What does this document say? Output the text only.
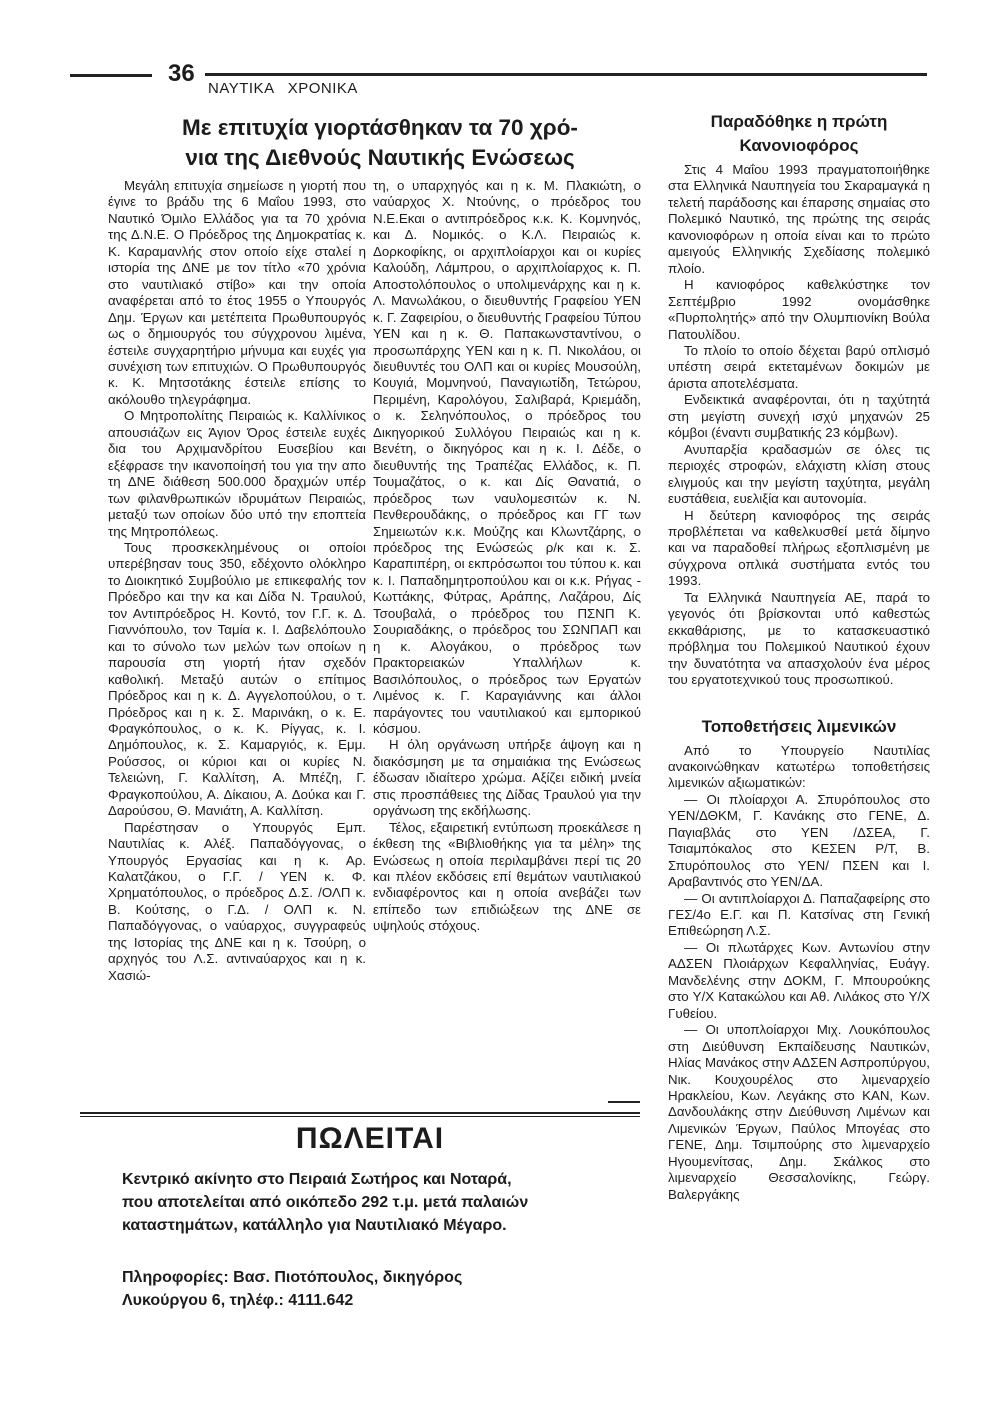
36
ΝΑΥΤΙΚΑ   ΧΡΟΝΙΚΑ
Με επιτυχία γιορτάσθηκαν τα 70 χρό-
νια της Διεθνούς Ναυτικής Ενώσεως

Μεγάλη επιτυχία σημείωσε η γιορτή που έγινε το βράδυ της 6 Μαΐου 1993, στο Ναυτικό Όμιλο Ελλάδος για τα 70 χρόνια της Δ.Ν.Ε. Ο Πρόεδρος της Δημοκρατίας κ. Κ. Καραμανλής στον οποίο είχε σταλεί η ιστορία της ΔΝΕ με τον τίτλο «70 χρόνια στο ναυτιλιακό στίβο» και την οποία αναφέρεται από το έτος 1955 ο Υπουργός Δημ. Έργων και μετέπειτα Πρωθυπουργός ως ο δημιουργός του σύγχρονου λιμένα, έστειλε συγχαρητήριο μήνυμα και ευχές για συνέχιση των επιτυχιών. Ο Πρωθυπουργός κ. Κ. Μητσοτάκης έστειλε επίσης το ακόλουθο τηλεγράφημα.

Ο Μητροπολίτης Πειραιώς κ. Καλλίνικος απουσιάζων εις Άγιον Όρος έστειλε ευχές δια του Αρχιμανδρίτου Ευσεβίου και εξέφρασε την ικανοποίησή του για την απο τη ΔΝΕ διάθεση 500.000 δραχμών υπέρ των φιλανθρωπικών ιδρυμάτων Πειραιώς, μεταξύ των οποίων δύο υπό την εποπτεία της Μητροπόλεως.

Τους προσκεκλημένους οι οποίοι υπερέβησαν τους 350, εδέχοντο ολόκληρο το Διοικητικό Συμβούλιο με επικεφαλής τον Πρόεδρο και την κα και Δίδα Ν. Τραυλού, τον Αντιπρόεδρος Η. Κοντό, τον Γ.Γ. κ. Δ. Γιαννόπουλο, τον Ταμία κ. Ι. Δαβελόπουλο και το σύνολο των μελών των οποίων η παρουσία στη γιορτή ήταν σχεδόν καθολική. Μεταξύ αυτών ο επίτιμος Πρόεδρος και η κ. Δ. Αγγελοπούλου, ο τ. Πρόεδρος και η κ. Σ. Μαρινάκη, ο κ. Ε. Φραγκόπουλος, ο κ. Κ. Ρίγγας, κ. Ι. Δημόπουλος, κ. Σ. Καμαργιός, κ. Εμμ. Ρούσσος, οι κύριοι και οι κυρίες Ν. Τελειώνη, Γ. Καλλίτση, Α. Μπέζη, Γ. Φραγκοπούλου, Α. Δίκαιου, Α. Δούκα και Γ. Δαρούσου, Θ. Μανιάτη, Α. Καλλίτση.

Παρέστησαν ο Υπουργός Εμπ. Ναυτιλίας κ. Αλέξ. Παπαδόγγονας, ο Υπουργός Εργασίας και η κ. Αρ. Καλατζάκου, ο Γ.Γ. / ΥΕΝ κ. Φ. Χρηματόπουλος, ο πρόεδρος Δ.Σ. /ΟΛΠ κ. Β. Κούτσης, ο Γ.Δ. / ΟΛΠ κ. Ν. Παπαδόγγονας, ο ναύαρχος, συγγραφεύς της Ιστορίας της ΔΝΕ και η κ. Τσούρη, ο αρχηγός του Λ.Σ. αντιναύαρχος και η κ. Χασιώ-

τη, ο υπαρχηγός και η κ. Μ. Πλακιώτη, ο ναύαρχος Χ. Ντούνης, ο πρόεδρος του Ν.Ε.Εκαι ο αντιπρόεδρος κ.κ. Κ. Κομνηνός, και Δ. Νομικός. ο Κ.Λ. Πειραιώς κ. Δορκοφίκης, οι αρχιπλοίαρχοι και οι κυρίες Καλούδη, Λάμπρου, ο αρχιπλοίαρχος κ. Π. Αποστολόπουλος ο υπολιμενάρχης και η κ. Λ. Μανωλάκου, ο διευθυντής Γραφείου ΥΕΝ κ. Γ. Ζαφειρίου, ο διευθυντής Γραφείου Τύπου ΥΕΝ και η κ. Θ. Παπακωνσταντίνου, ο προσωπάρχης ΥΕΝ και η κ. Π. Νικολάου, οι διευθυντές του ΟΛΠ και οι κυρίες Μουσούλη, Κουγιά, Μομνηνού, Παναγιωτίδη, Τετώρου, Περιμένη, Καρολόγου, Σαλιβαρά, Κριεμάδη, ο κ. Σεληνόπουλος, ο πρόεδρος του Δικηγορικού Συλλόγου Πειραιώς και η κ. Βενέτη, ο δικηγόρος και η κ. Ι. Δέδε, ο διευθυντής της Τραπέζας Ελλάδος, κ. Π. Τουμαζάτος, ο κ. και Δίς Θανατιά, ο πρόεδρος των ναυλομεσιτών κ. Ν. Πενθερουδάκης, ο πρόεδρος και ΓΓ των Σημειωτών κ.κ. Μούζης και Κλωντζάρης, ο πρόεδρος της Ενώσεώς ρ/κ και κ. Σ. Καραπιπέρη, οι εκπρόσωποι του τύπου κ. και κ. Ι. Παπαδημητροπούλου και οι κ.κ. Ρήγας - Κωττάκης, Φύτρας, Αράπης, Λαζάρου, Δίς Τσουβαλά, ο πρόεδρος του ΠΣΝΠ Κ. Σουριαδάκης, ο πρόεδρος του ΣΩΝΠΑΠ και η κ. Αλογάκου, ο πρόεδρος των Πρακτορειακών Υπαλλήλων κ. Βασιλόπουλος, ο πρόεδρος των Εργατών Λιμένος κ. Γ. Καραγιάννης και άλλοι παράγοντες του ναυτιλιακού και εμπορικού κόσμου.

Η όλη οργάνωση υπήρξε άψογη και η διακόσμηση με τα σημαιάκια της Ενώσεως έδωσαν ιδιαίτερο χρώμα. Αξίζει ειδική μνεία στις προσπάθειες της Δίδας Τραυλού για την οργάνωση της εκδήλωσης.

Τέλος, εξαιρετική εντύπωση προεκάλεσε η έκθεση της «Βιβλιοθήκης για τα μέλη» της Ενώσεως η οποία περιλαμβάνει περί τις 20 και πλέον εκδόσεις επί θεμάτων ναυτιλιακού ενδιαφέροντος και η οποία ανεβάζει των επίπεδο των επιδιώξεων της ΔΝΕ σε υψηλούς στόχους.

Παραδόθηκε η πρώτη Κανονιοφόρος

Στις 4 Μαΐου 1993 πραγματοποιήθηκε στα Ελληνικά Ναυπηγεία του Σκαραμαγκά η τελετή παράδοσης και έπαρσης σημαίας στο Πολεμικό Ναυτικό, της πρώτης της σειράς κανονιοφόρων η οποία είναι και το πρώτο αμειγούς Ελληνικής Σχεδίασης πολεμικό πλοίο.

Η κανιοφόρος καθελκύστηκε τον Σεπτέμβριο 1992 ονομάσθηκε «Πυρπολητής» από την Ολυμπιονίκη Βούλα Πατουλίδου.

Το πλοίο το οποίο δέχεται βαρύ οπλισμό υπέστη σειρά εκτεταμένων δοκιμών με άριστα αποτελέσματα.

Ενδεικτικά αναφέρονται, ότι η ταχύτητά στη μεγίστη συνεχή ισχύ μηχανών 25 κόμβοι (έναντι συμβατικής 23 κόμβων).

Ανυπαρξία κραδασμών σε όλες τις περιοχές στροφών, ελάχιστη κλίση στους ελιγμούς και την μεγίστη ταχύτητα, μεγάλη ευστάθεια, ευελιξία και αυτονομία.

Η δεύτερη κανιοφόρος της σειράς προβλέπεται να καθελκυσθεί μετά δίμηνο και να παραδοθεί πλήρως εξοπλισμένη με σύγχρονα οπλικά συστήματα εντός του 1993.

Τα Ελληνικά Ναυπηγεία ΑΕ, παρά το γεγονός ότι βρίσκονται υπό καθεστώς εκκαθάρισης, με το κατασκευαστικό πρόβλημα του Πολεμικού Ναυτικού έχουν την δυνατότητα να απασχολούν ένα μέρος του εργατοτεχνικού τους προσωπικού.

Τοποθετήσεις λιμενικών

Από το Υπουργείο Ναυτιλίας ανακοινώθηκαν κατωτέρω τοποθετήσεις λιμενικών αξιωματικών:

— Οι πλοίαρχοι Α. Σπυρόπουλος στο ΥΕΝ/ΔΘΚΜ, Γ. Κανάκης στο ΓΕΝΕ, Δ. Παγιαβλάς στο ΥΕΝ /ΔΣΕΑ, Γ. Τσιαμπόκαλος στο ΚΕΣΕΝ Ρ/Τ, Β. Σπυρόπουλος στο ΥΕΝ/ ΠΣΕΝ και Ι. Αραβαντινός στο ΥΕΝ/ΔΑ.

— Οι αντιπλοίαρχοι Δ. Παπαζαφείρης στο ΓΕΣ/4ο Ε.Γ. και Π. Κατσίνας στη Γενική Επιθεώρηση Λ.Σ.

— Οι πλωτάρχες Κων. Αντωνίου στην ΑΔΣΕΝ Πλοιάρχων Κεφαλληνίας, Ευάγγ. Μανδελένης στην ΔΟΚΜ, Γ. Μπουρούκης στο Υ/Χ Κατακώλου και Αθ. Λιλάκος στο Υ/Χ Γυθείου.

— Οι υποπλοίαρχοι Μιχ. Λουκόπουλος στη Διεύθυνση Εκπαίδευσης Ναυτικών, Ηλίας Μανάκος στην ΑΔΣΕΝ Ασπροπύργου, Νικ. Κουχουρέλος στο λιμεναρχείο Ηρακλείου, Κων. Λεγάκης στο ΚΑΝ, Κων. Δανδουλάκης στην Διεύθυνση Λιμένων και Λιμενικών Έργων, Παύλος Μπογέας στο ΓΕΝΕ, Δημ. Τσιμπούρης στο λιμεναρχείο Ηγουμενίτσας, Δημ. Σκάλκος στο λιμεναρχείο Θεσσαλονίκης, Γεώργ. Βαλεργάκης

ΠΩΛΕΙΤΑΙ
Κεντρικό ακίνητο στο Πειραιά Σωτήρος και Νοταρά,
που αποτελείται από οικόπεδο 292 τ.μ. μετά παλαιών
καταστημάτων, κατάλληλο για Ναυτιλιακό Μέγαρο.
Πληροφορίες: Βασ. Πιοτόπουλος, δικηγόρος
Λυκούργου 6, τηλέφ.: 4111.642
